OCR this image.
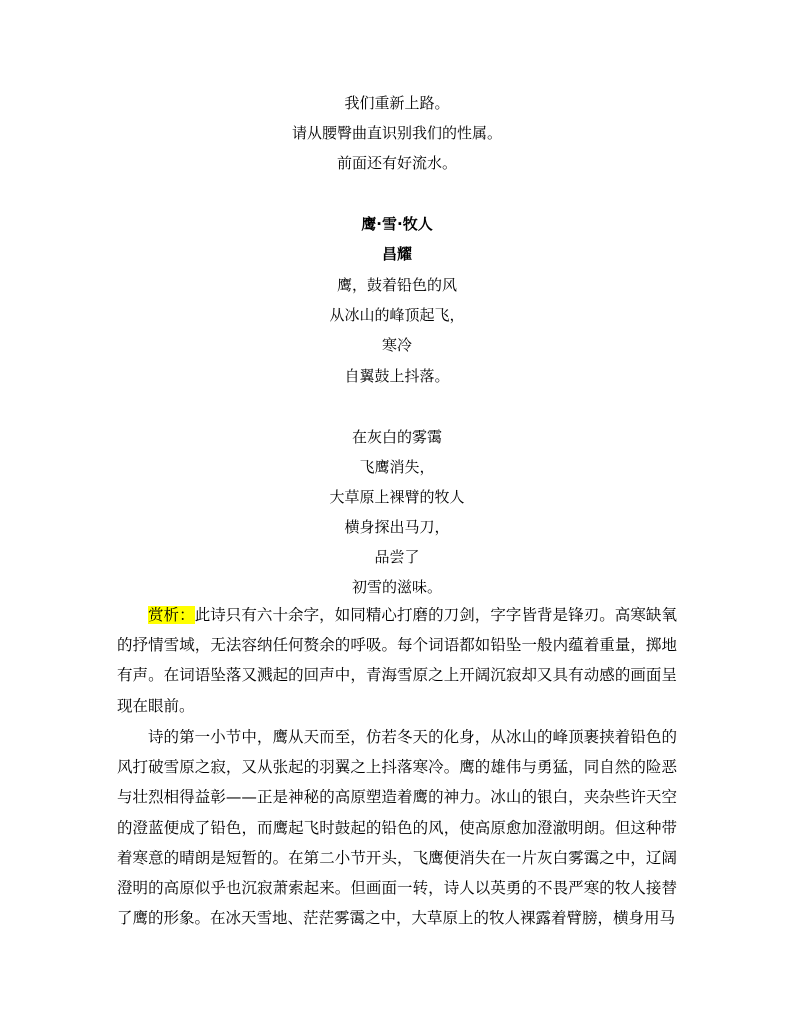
我们重新上路。
请从腰臀曲直识别我们的性属。
前面还有好流水。
鹰·雪·牧人
昌耀
鹰，鼓着铅色的风
从冰山的峰顶起飞，
寒冷
自翼鼓上抖落。
在灰白的雾霭
飞鹰消失，
大草原上裸臂的牧人
横身探出马刀，
品尝了
初雪的滋味。

赏析：此诗只有六十余字，如同精心打磨的刀剑，字字皆背是锋刃。高寒缺氧的抒情雪域，无法容纳任何赘余的呼吸。每个词语都如铅坠一般内蕴着重量，掷地有声。在词语坠落又溅起的回声中，青海雪原之上开阔沉寂却又具有动感的画面呈现在眼前。

诗的第一小节中，鹰从天而至，仿若冬天的化身，从冰山的峰顶裹挟着铅色的风打破雪原之寂，又从张起的羽翼之上抖落寒冷。鹰的雄伟与勇猛，同自然的险恶与壮烈相得益彰——正是神秘的高原塑造着鹰的神力。冰山的银白，夹杂些许天空的澄蓝便成了铅色，而鹰起飞时鼓起的铅色的风，使高原愈加澄澈明朗。但这种带着寒意的晴朗是短暂的。在第二小节开头，飞鹰便消失在一片灰白雾霭之中，辽阔澄明的高原似乎也沉寂萧索起来。但画面一转，诗人以英勇的不畏严寒的牧人接替了鹰的形象。在冰天雪地、茫茫雾霭之中，大草原上的牧人裸露着臂膀，横身用马
